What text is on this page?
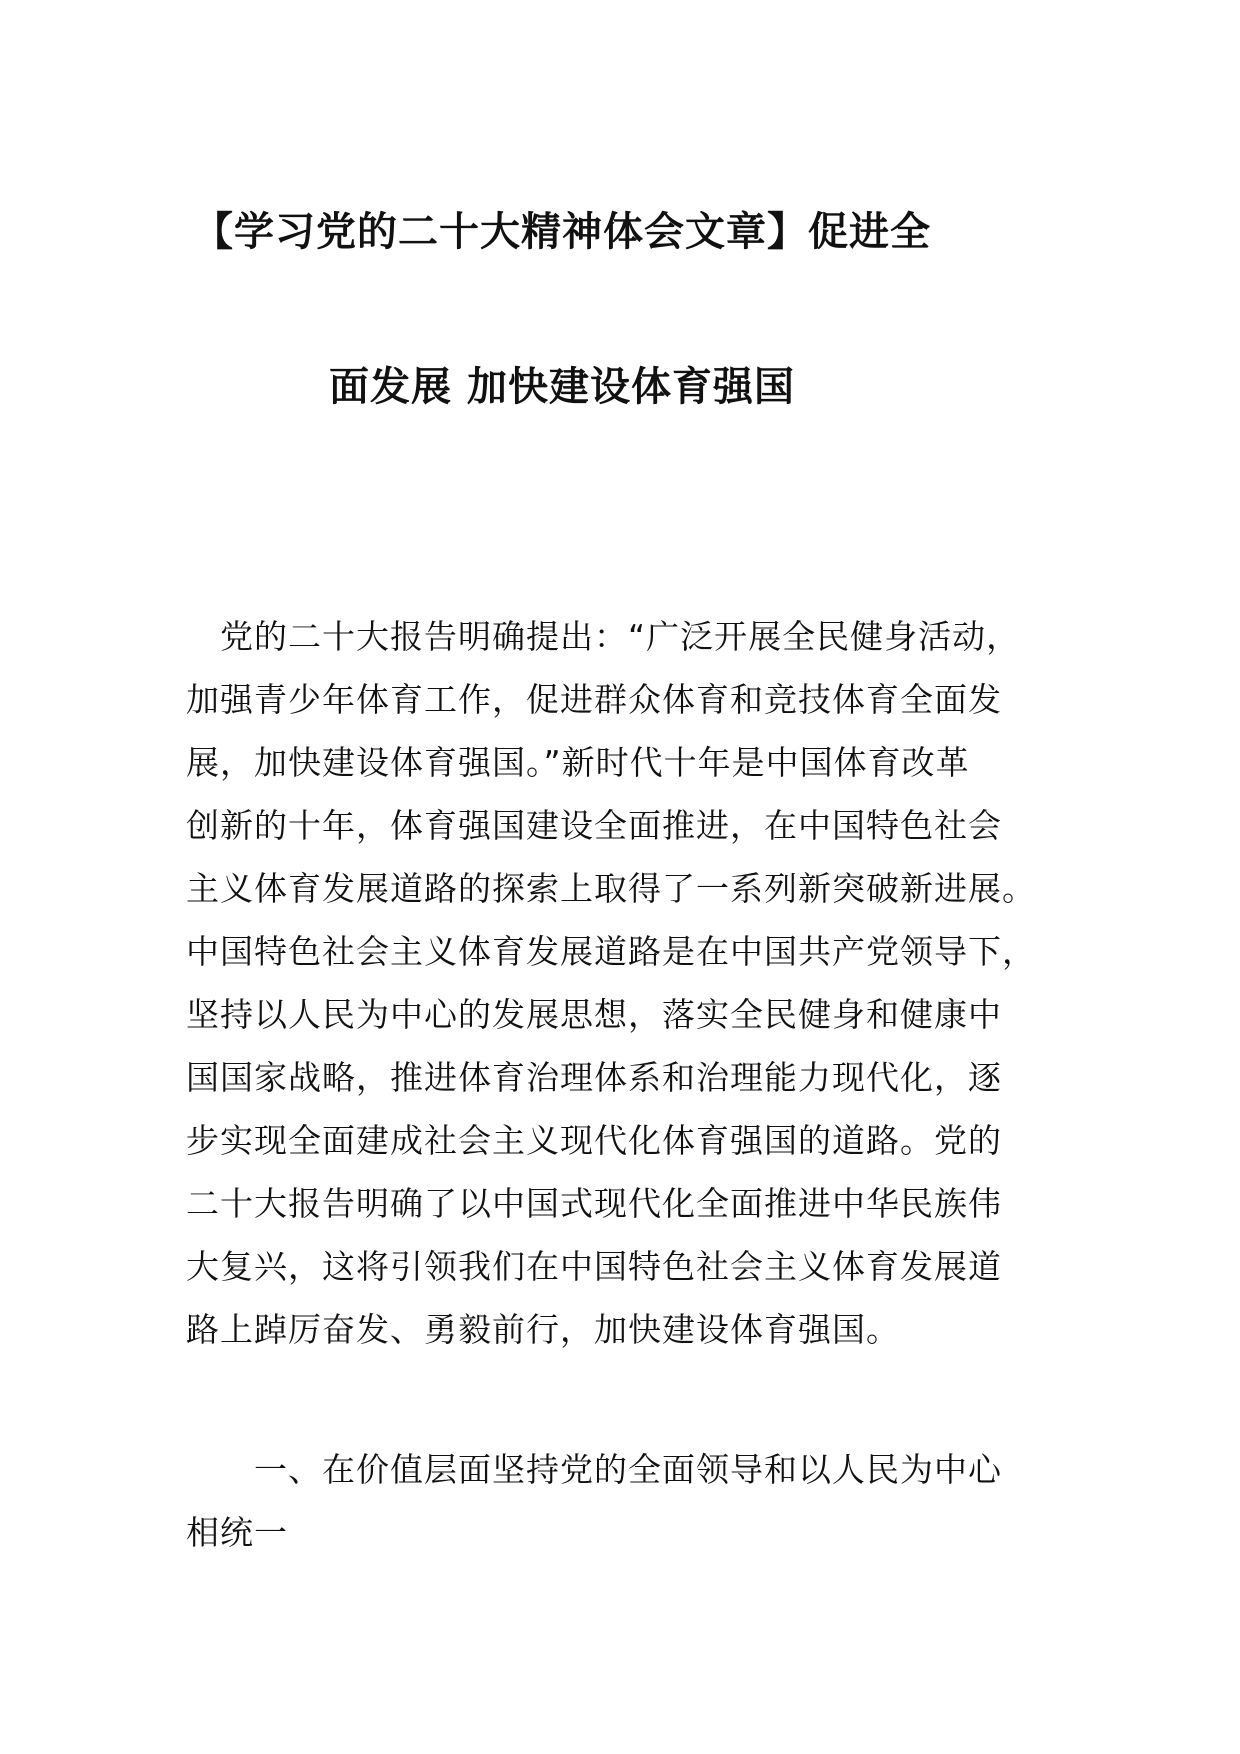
【学习党的二十大精神体会文章】促进全
面发展 加快建设体育强国
　党的二十大报告明确提出：“广泛开展全民健身活动，
加强青少年体育工作，促进群众体育和竞技体育全面发
展，加快建设体育强国。”新时代十年是中国体育改革
创新的十年，体育强国建设全面推进，在中国特色社会
主义体育发展道路的探索上取得了一系列新突破新进展。
中国特色社会主义体育发展道路是在中国共产党领导下，
坚持以人民为中心的发展思想，落实全民健身和健康中
国国家战略，推进体育治理体系和治理能力现代化，逐
步实现全面建成社会主义现代化体育强国的道路。党的
二十大报告明确了以中国式现代化全面推进中华民族伟
大复兴，这将引领我们在中国特色社会主义体育发展道
路上踔厉奋发、勇毅前行，加快建设体育强国。
　　一、在价值层面坚持党的全面领导和以人民为中心
相统一
